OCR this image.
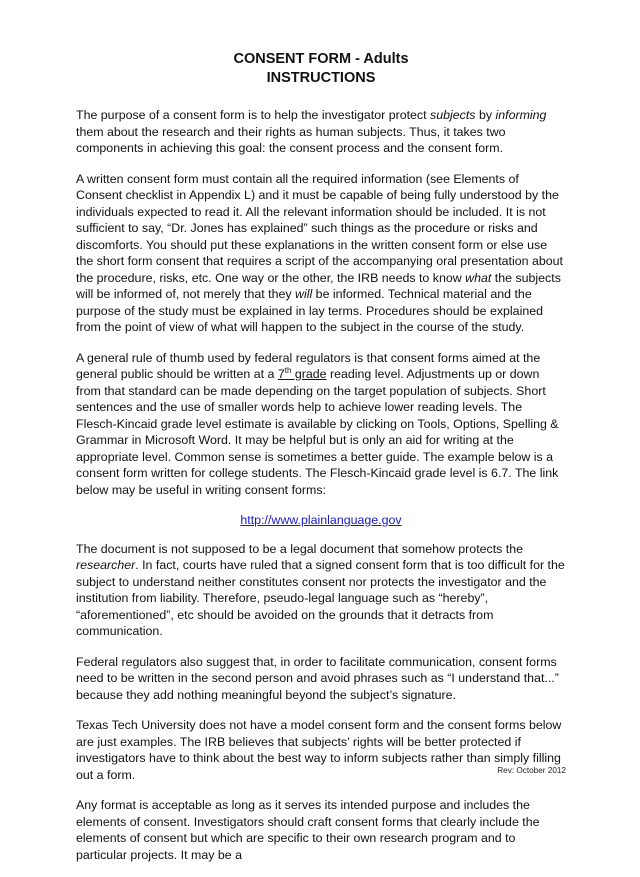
CONSENT FORM - Adults

INSTRUCTIONS

The purpose of a consent form is to help the investigator protect subjects by informing them about the research and their rights as human subjects. Thus, it takes two components in achieving this goal: the consent process and the consent form.

A written consent form must contain all the required information (see Elements of Consent checklist in Appendix L) and it must be capable of being fully understood by the individuals expected to read it. All the relevant information should be included. It is not sufficient to say, “Dr. Jones has explained” such things as the procedure or risks and discomforts. You should put these explanations in the written consent form or else use the short form consent that requires a script of the accompanying oral presentation about the procedure, risks, etc. One way or the other, the IRB needs to know what the subjects will be informed of, not merely that they will be informed. Technical material and the purpose of the study must be explained in lay terms. Procedures should be explained from the point of view of what will happen to the subject in the course of the study.

A general rule of thumb used by federal regulators is that consent forms aimed at the general public should be written at a 7th grade reading level. Adjustments up or down from that standard can be made depending on the target population of subjects. Short sentences and the use of smaller words help to achieve lower reading levels. The Flesch-Kincaid grade level estimate is available by clicking on Tools, Options, Spelling & Grammar in Microsoft Word. It may be helpful but is only an aid for writing at the appropriate level. Common sense is sometimes a better guide. The example below is a consent form written for college students. The Flesch-Kincaid grade level is 6.7. The link below may be useful in writing consent forms:

http://www.plainlanguage.gov

The document is not supposed to be a legal document that somehow protects the researcher. In fact, courts have ruled that a signed consent form that is too difficult for the subject to understand neither constitutes consent nor protects the investigator and the institution from liability. Therefore, pseudo-legal language such as “hereby”, “aforementioned”, etc should be avoided on the grounds that it detracts from communication.

Federal regulators also suggest that, in order to facilitate communication, consent forms need to be written in the second person and avoid phrases such as “I understand that...” because they add nothing meaningful beyond the subject’s signature.

Texas Tech University does not have a model consent form and the consent forms below are just examples. The IRB believes that subjects’ rights will be better protected if investigators have to think about the best way to inform subjects rather than simply filling out a form.

Any format is acceptable as long as it serves its intended purpose and includes the elements of consent. Investigators should craft consent forms that clearly include the elements of consent but which are specific to their own research program and to particular projects. It may be a

Rev: October 2012
